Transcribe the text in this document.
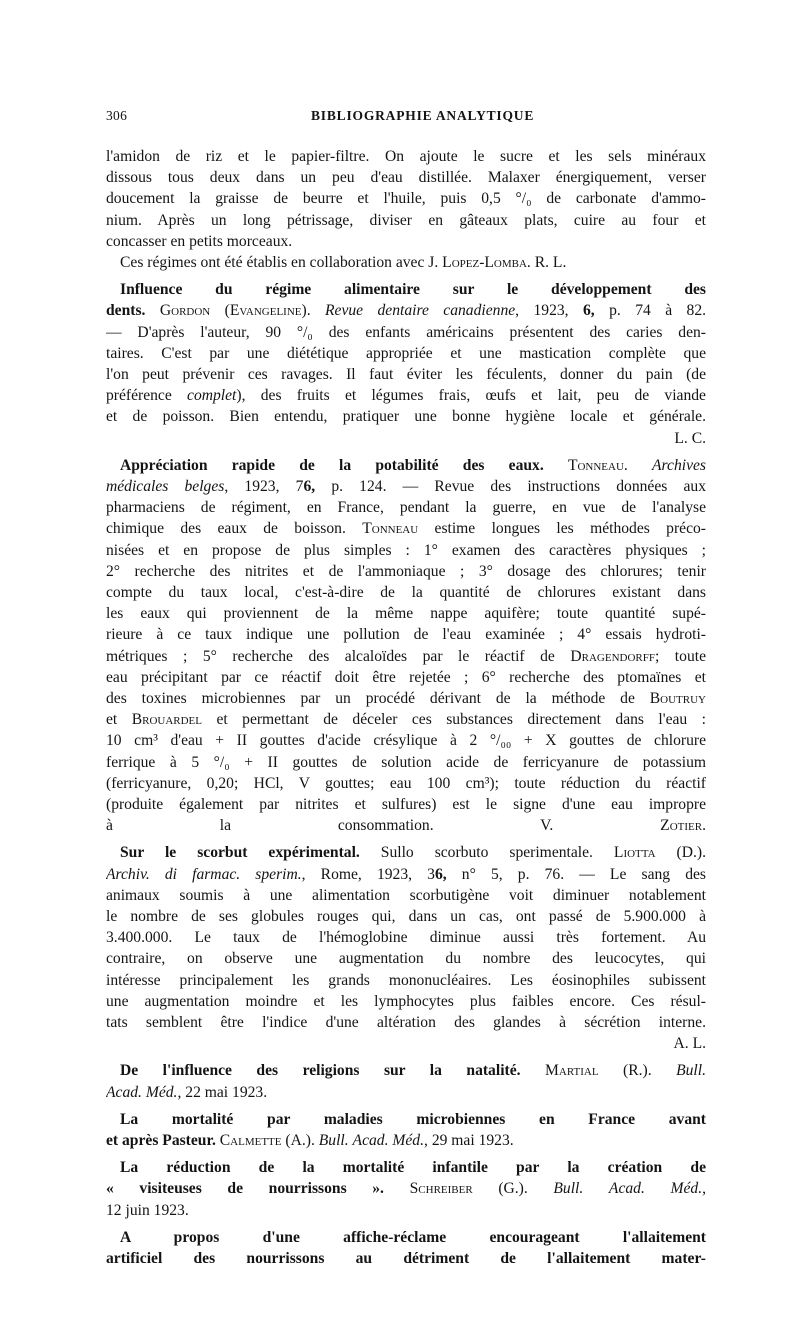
306	BIBLIOGRAPHIE ANALYTIQUE
l'amidon de riz et le papier-filtre. On ajoute le sucre et les sels minéraux
dissous tous deux dans un peu d'eau distillée. Malaxer énergiquement, verser
doucement la graisse de beurre et l'huile, puis 0,5 °/₀ de carbonate d'ammo-
nium. Après un long pétrissage, diviser en gâteaux plats, cuire au four et
concasser en petits morceaux.
Ces régimes ont été établis en collaboration avec J. Lopez-Lomba. R. L.
Influence du régime alimentaire sur le développement des
dents. Gordon (Evangeline). Revue dentaire canadienne, 1923, 6, p. 74 à 82.
— D'après l'auteur, 90 °/₀ des enfants américains présentent des caries den-
taires. C'est par une diététique appropriée et une mastication complète que
l'on peut prévenir ces ravages. Il faut éviter les féculents, donner du pain (de
préférence complet), des fruits et légumes frais, œufs et lait, peu de viande
et de poisson. Bien entendu, pratiquer une bonne hygiène locale et générale.
L. C.
Appréciation rapide de la potabilité des eaux. Tonneau. Archives
médicales belges, 1923, 76, p. 124. — Revue des instructions données aux
pharmaciens de régiment, en France, pendant la guerre, en vue de l'analyse
chimique des eaux de boisson. Tonneau estime longues les méthodes préco-
nisées et en propose de plus simples : 1° examen des caractères physiques ;
2° recherche des nitrites et de l'ammoniaque ; 3° dosage des chlorures; tenir
compte du taux local, c'est-à-dire de la quantité de chlorures existant dans
les eaux qui proviennent de la même nappe aquifère; toute quantité supé-
rieure à ce taux indique une pollution de l'eau examinée ; 4° essais hydroti-
métriques ; 5° recherche des alcaloïdes par le réactif de Dragendorff; toute
eau précipitant par ce réactif doit être rejetée ; 6° recherche des ptomaïnes et
des toxines microbiennes par un procédé dérivant de la méthode de Boutruy
et Brouardel et permettant de déceler ces substances directement dans l'eau :
10 cm³ d'eau + II gouttes d'acide crésylique à 2 °/₀₀ + X gouttes de chlorure
ferrique à 5 °/₀ + II gouttes de solution acide de ferricyanure de potassium
(ferricyanure, 0,20; HCl, V gouttes; eau 100 cm³); toute réduction du réactif
(produite également par nitrites et sulfures) est le signe d'une eau impropre
à la consommation. V. Zotier.
Sur le scorbut expérimental. Sullo scorbuto sperimentale. Liotta (D.).
Archiv. di farmac. sperim., Rome, 1923, 36, n° 5, p. 76. — Le sang des
animaux soumis à une alimentation scorbutigène voit diminuer notablement
le nombre de ses globules rouges qui, dans un cas, ont passé de 5.900.000 à
3.400.000. Le taux de l'hémoglobine diminue aussi très fortement. Au
contraire, on observe une augmentation du nombre des leucocytes, qui
intéresse principalement les grands mononucléaires. Les éosinophiles subissent
une augmentation moindre et les lymphocytes plus faibles encore. Ces résul-
tats semblent être l'indice d'une altération des glandes à sécrétion interne.
A. L.
De l'influence des religions sur la natalité. Martial (R.). Bull.
Acad. Méd., 22 mai 1923.
La mortalité par maladies microbiennes en France avant
et après Pasteur. Calmette (A.). Bull. Acad. Méd., 29 mai 1923.
La réduction de la mortalité infantile par la création de
« visiteuses de nourrissons ». Schreiber (G.). Bull. Acad. Méd.,
12 juin 1923.
A propos d'une affiche-réclame encourageant l'allaitement
artificiel des nourrissons au détriment de l'allaitement mater-
